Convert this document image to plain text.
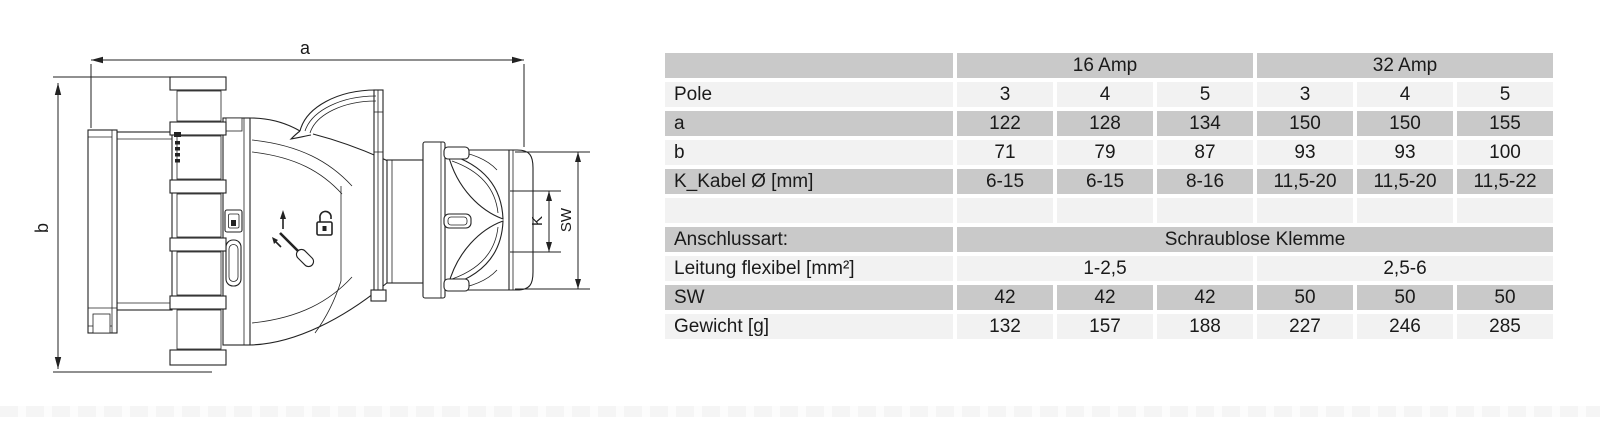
a
b
K SW
16 Amp	32 Amp
Pole	3	4	5	3	4	5
a	122	128	134	150	150	155
b	71	79	87	93	93	100
K_Kabel Ø [mm]	6-15	6-15	8-16	11,5-20	11,5-20	11,5-22
Anschlussart:	Schraublose Klemme
Leitung flexibel [mm²]	1-2,5	2,5-6
SW	42	42	42	50	50	50
Gewicht [g]	132	157	188	227	246	285
